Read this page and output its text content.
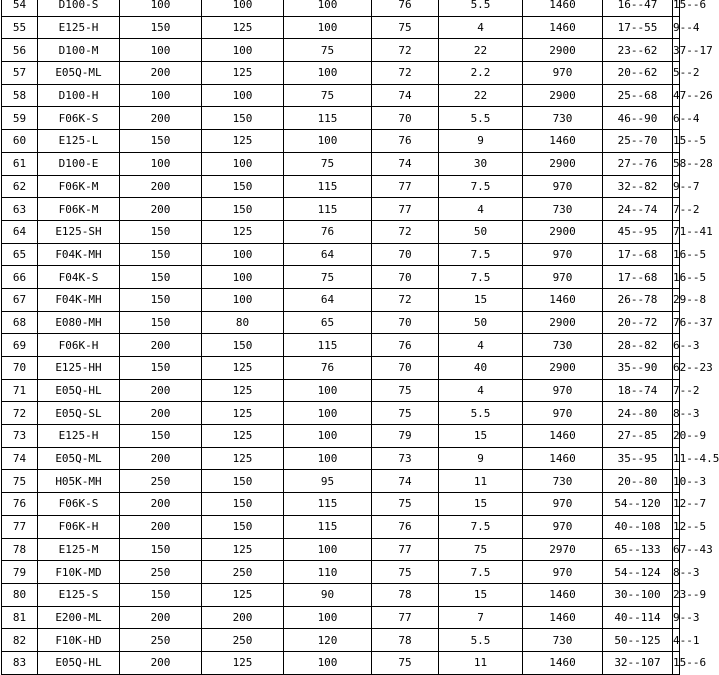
54	D100-S	100	100	100	76	5.5	1460	16--47	15--6
55	E125-H	150	125	100	75	4	1460	17--55	9--4
56	D100-M	100	100	75	72	22	2900	23--62	37--17
57	E05Q-ML	200	125	100	72	2.2	970	20--62	5--2
58	D100-H	100	100	75	74	22	2900	25--68	47--26
59	F06K-S	200	150	115	70	5.5	730	46--90	6--4
60	E125-L	150	125	100	76	9	1460	25--70	15--5
61	D100-E	100	100	75	74	30	2900	27--76	58--28
62	F06K-M	200	150	115	77	7.5	970	32--82	9--7
63	F06K-M	200	150	115	77	4	730	24--74	7--2
64	E125-SH	150	125	76	72	50	2900	45--95	71--41
65	F04K-MH	150	100	64	70	7.5	970	17--68	16--5
66	F04K-S	150	100	75	70	7.5	970	17--68	16--5
67	F04K-MH	150	100	64	72	15	1460	26--78	29--8
68	E080-MH	150	80	65	70	50	2900	20--72	76--37
69	F06K-H	200	150	115	76	4	730	28--82	6--3
70	E125-HH	150	125	76	70	40	2900	35--90	62--23
71	E05Q-HL	200	125	100	75	4	970	18--74	7--2
72	E05Q-SL	200	125	100	75	5.5	970	24--80	8--3
73	E125-H	150	125	100	79	15	1460	27--85	20--9
74	E05Q-ML	200	125	100	73	9	1460	35--95	11--4.5
75	H05K-MH	250	150	95	74	11	730	20--80	10--3
76	F06K-S	200	150	115	75	15	970	54--120	12--7
77	F06K-H	200	150	115	76	7.5	970	40--108	12--5
78	E125-M	150	125	100	77	75	2970	65--133	67--43
79	F10K-MD	250	250	110	75	7.5	970	54--124	8--3
80	E125-S	150	125	90	78	15	1460	30--100	23--9
81	E200-ML	200	200	100	77	7	1460	40--114	9--3
82	F10K-HD	250	250	120	78	5.5	730	50--125	4--1
83	E05Q-HL	200	125	100	75	11	1460	32--107	15--6
